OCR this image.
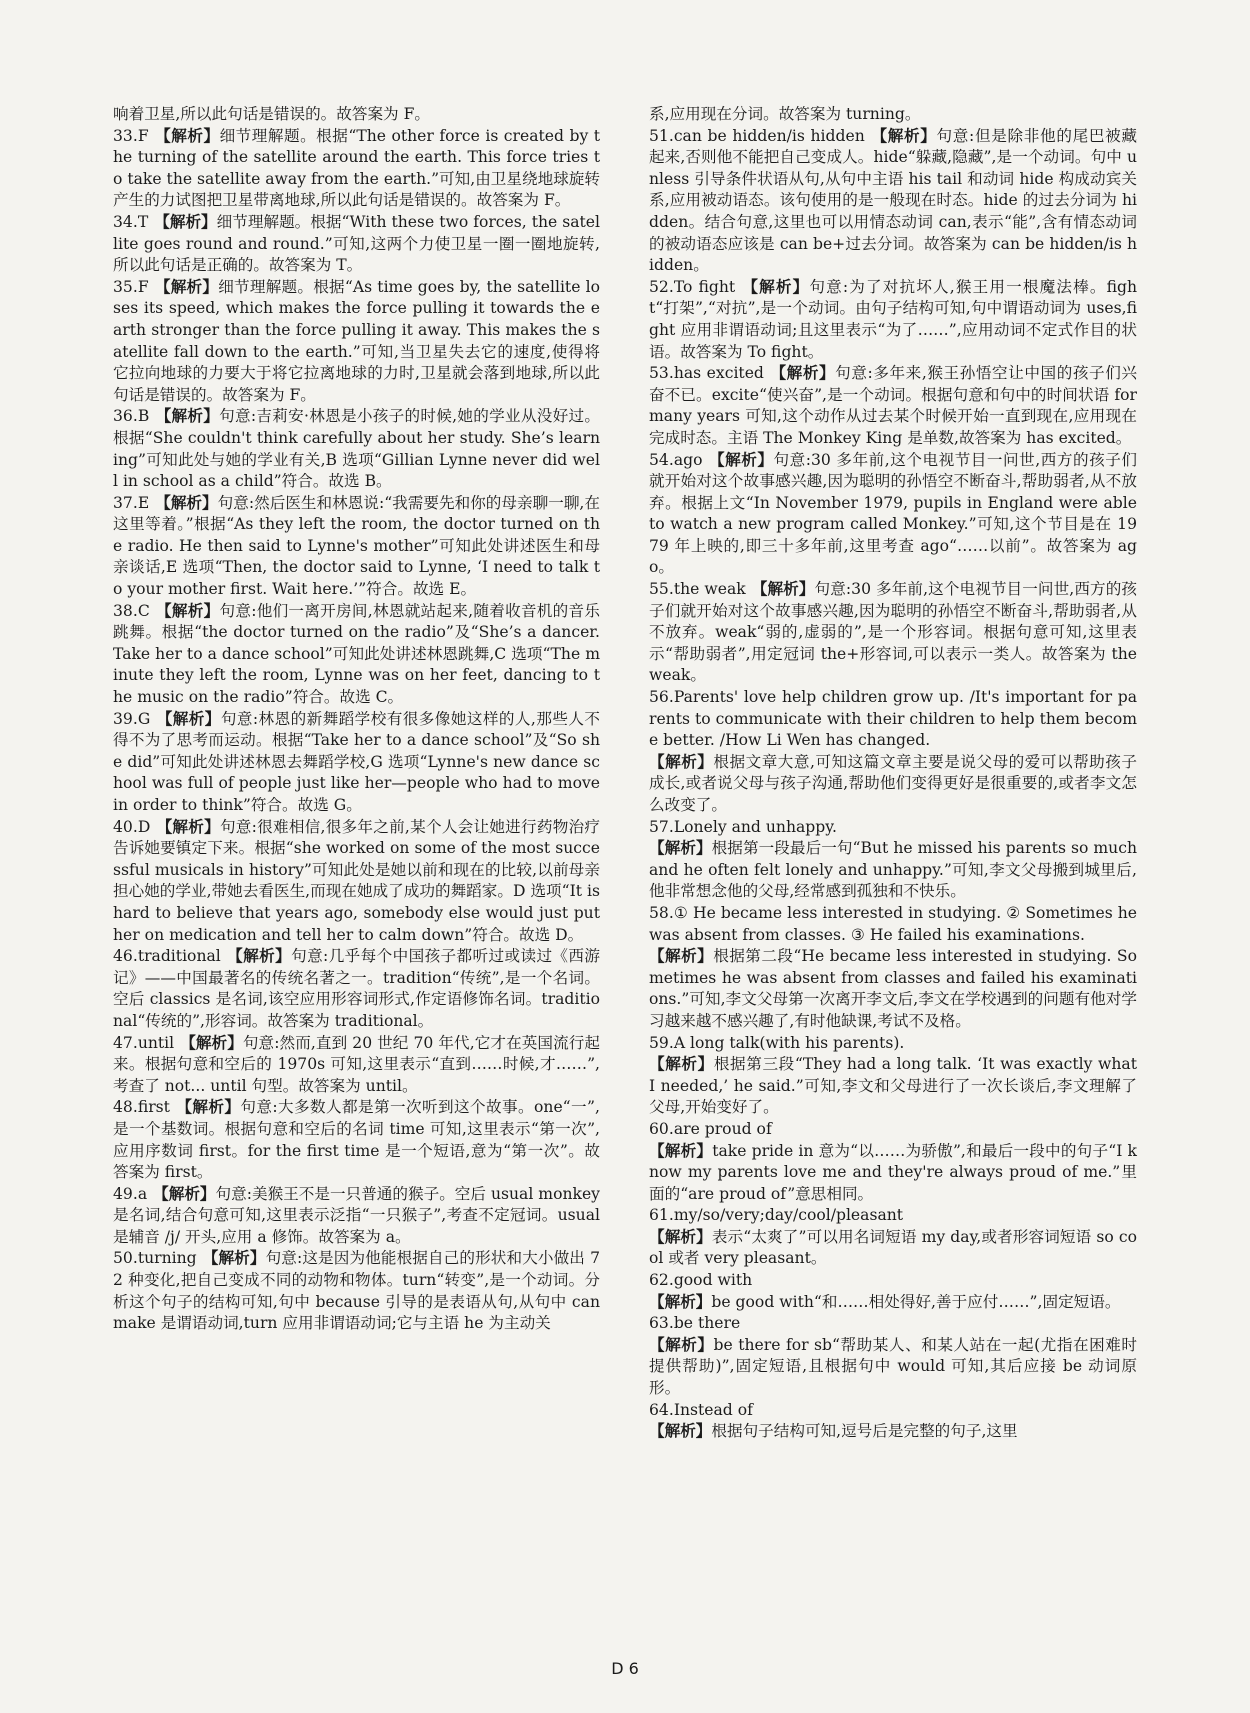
响着卫星,所以此句话是错误的。故答案为 F。

33.F 【解析】细节理解题。根据“The other force is created by the turning of the satellite around the earth. This force tries to take the satellite away from the earth.”可知,由卫星绕地球旋转产生的力试图把卫星带离地球,所以此句话是错误的。故答案为 F。

34.T 【解析】细节理解题。根据“With these two forces, the satellite goes round and round.”可知,这两个力使卫星一圈一圈地旋转,所以此句话是正确的。故答案为 T。

35.F 【解析】细节理解题。根据“As time goes by, the satellite loses its speed, which makes the force pulling it towards the earth stronger than the force pulling it away. This makes the satellite fall down to the earth.”可知,当卫星失去它的速度,使得将它拉向地球的力要大于将它拉离地球的力时,卫星就会落到地球,所以此句话是错误的。故答案为 F。

36.B 【解析】句意:吉莉安·林恩是小孩子的时候,她的学业从没好过。根据“She couldn't think carefully about her study. She’s learning”可知此处与她的学业有关,B 选项“Gillian Lynne never did well in school as a child”符合。故选 B。

37.E 【解析】句意:然后医生和林恩说:“我需要先和你的母亲聊一聊,在这里等着。”根据“As they left the room, the doctor turned on the radio. He then said to Lynne's mother”可知此处讲述医生和母亲谈话,E 选项“Then, the doctor said to Lynne, ‘I need to talk to your mother first. Wait here.’”符合。故选 E。

38.C 【解析】句意:他们一离开房间,林恩就站起来,随着收音机的音乐跳舞。根据“the doctor turned on the radio”及“She’s a dancer. Take her to a dance school”可知此处讲述林恩跳舞,C 选项“The minute they left the room, Lynne was on her feet, dancing to the music on the radio”符合。故选 C。

39.G 【解析】句意:林恩的新舞蹈学校有很多像她这样的人,那些人不得不为了思考而运动。根据“Take her to a dance school”及“So she did”可知此处讲述林恩去舞蹈学校,G 选项“Lynne's new dance school was full of people just like her—people who had to move in order to think”符合。故选 G。

40.D 【解析】句意:很难相信,很多年之前,某个人会让她进行药物治疗告诉她要镇定下来。根据“she worked on some of the most successful musicals in history”可知此处是她以前和现在的比较,以前母亲担心她的学业,带她去看医生,而现在她成了成功的舞蹈家。D 选项“It is hard to believe that years ago, somebody else would just put her on medication and tell her to calm down”符合。故选 D。

46.traditional 【解析】句意:几乎每个中国孩子都听过或读过《西游记》——中国最著名的传统名著之一。tradition“传统”,是一个名词。空后 classics 是名词,该空应用形容词形式,作定语修饰名词。traditional“传统的”,形容词。故答案为 traditional。

47.until 【解析】句意:然而,直到 20 世纪 70 年代,它才在英国流行起来。根据句意和空后的 1970s 可知,这里表示“直到……时候,才……”,考查了 not... until 句型。故答案为 until。

48.first 【解析】句意:大多数人都是第一次听到这个故事。one“一”,是一个基数词。根据句意和空后的名词 time 可知,这里表示“第一次”,应用序数词 first。for the first time 是一个短语,意为“第一次”。故答案为 first。

49.a 【解析】句意:美猴王不是一只普通的猴子。空后 usual monkey 是名词,结合句意可知,这里表示泛指“一只猴子”,考查不定冠词。usual 是辅音 /j/ 开头,应用 a 修饰。故答案为 a。

50.turning 【解析】句意:这是因为他能根据自己的形状和大小做出 72 种变化,把自己变成不同的动物和物体。turn“转变”,是一个动词。分析这个句子的结构可知,句中 because 引导的是表语从句,从句中 can make 是谓语动词,turn 应用非谓语动词;它与主语 he 为主动关

系,应用现在分词。故答案为 turning。

51.can be hidden/is hidden 【解析】句意:但是除非他的尾巴被藏起来,否则他不能把自己变成人。hide“躲藏,隐藏”,是一个动词。句中 unless 引导条件状语从句,从句中主语 his tail 和动词 hide 构成动宾关系,应用被动语态。该句使用的是一般现在时态。hide 的过去分词为 hidden。结合句意,这里也可以用情态动词 can,表示“能”,含有情态动词的被动语态应该是 can be+过去分词。故答案为 can be hidden/is hidden。

52.To fight 【解析】句意:为了对抗坏人,猴王用一根魔法棒。fight“打架”,“对抗”,是一个动词。由句子结构可知,句中谓语动词为 uses,fight 应用非谓语动词;且这里表示“为了……”,应用动词不定式作目的状语。故答案为 To fight。

53.has excited 【解析】句意:多年来,猴王孙悟空让中国的孩子们兴奋不已。excite“使兴奋”,是一个动词。根据句意和句中的时间状语 for many years 可知,这个动作从过去某个时候开始一直到现在,应用现在完成时态。主语 The Monkey King 是单数,故答案为 has excited。

54.ago 【解析】句意:30 多年前,这个电视节目一问世,西方的孩子们就开始对这个故事感兴趣,因为聪明的孙悟空不断奋斗,帮助弱者,从不放弃。根据上文“In November 1979, pupils in England were able to watch a new program called Monkey.”可知,这个节目是在 1979 年上映的,即三十多年前,这里考查 ago“……以前”。故答案为 ago。

55.the weak 【解析】句意:30 多年前,这个电视节目一问世,西方的孩子们就开始对这个故事感兴趣,因为聪明的孙悟空不断奋斗,帮助弱者,从不放弃。weak“弱的,虚弱的”,是一个形容词。根据句意可知,这里表示“帮助弱者”,用定冠词 the+形容词,可以表示一类人。故答案为 the weak。

56.Parents' love help children grow up. /It's important for parents to communicate with their children to help them become better. /How Li Wen has changed.
【解析】根据文章大意,可知这篇文章主要是说父母的爱可以帮助孩子成长,或者说父母与孩子沟通,帮助他们变得更好是很重要的,或者李文怎么改变了。

57.Lonely and unhappy.
【解析】根据第一段最后一句“But he missed his parents so much and he often felt lonely and unhappy.”可知,李文父母搬到城里后,他非常想念他的父母,经常感到孤独和不快乐。

58.① He became less interested in studying. ② Sometimes he was absent from classes. ③ He failed his examinations.
【解析】根据第二段“He became less interested in studying. Sometimes he was absent from classes and failed his examinations.”可知,李文父母第一次离开李文后,李文在学校遇到的问题有他对学习越来越不感兴趣了,有时他缺课,考试不及格。

59.A long talk(with his parents).
【解析】根据第三段“They had a long talk. ‘It was exactly what I needed,’ he said.”可知,李文和父母进行了一次长谈后,李文理解了父母,开始变好了。

60.are proud of
【解析】take pride in 意为“以……为骄傲”,和最后一段中的句子“I know my parents love me and they're always proud of me.”里面的“are proud of”意思相同。

61.my/so/very;day/cool/pleasant
【解析】表示“太爽了”可以用名词短语 my day,或者形容词短语 so cool 或者 very pleasant。

62.good with
【解析】be good with“和……相处得好,善于应付……”,固定短语。

63.be there
【解析】be there for sb“帮助某人、和某人站在一起(尤指在困难时提供帮助)”,固定短语,且根据句中 would 可知,其后应接 be 动词原形。

64.Instead of
【解析】根据句子结构可知,逗号后是完整的句子,这里

D 6
